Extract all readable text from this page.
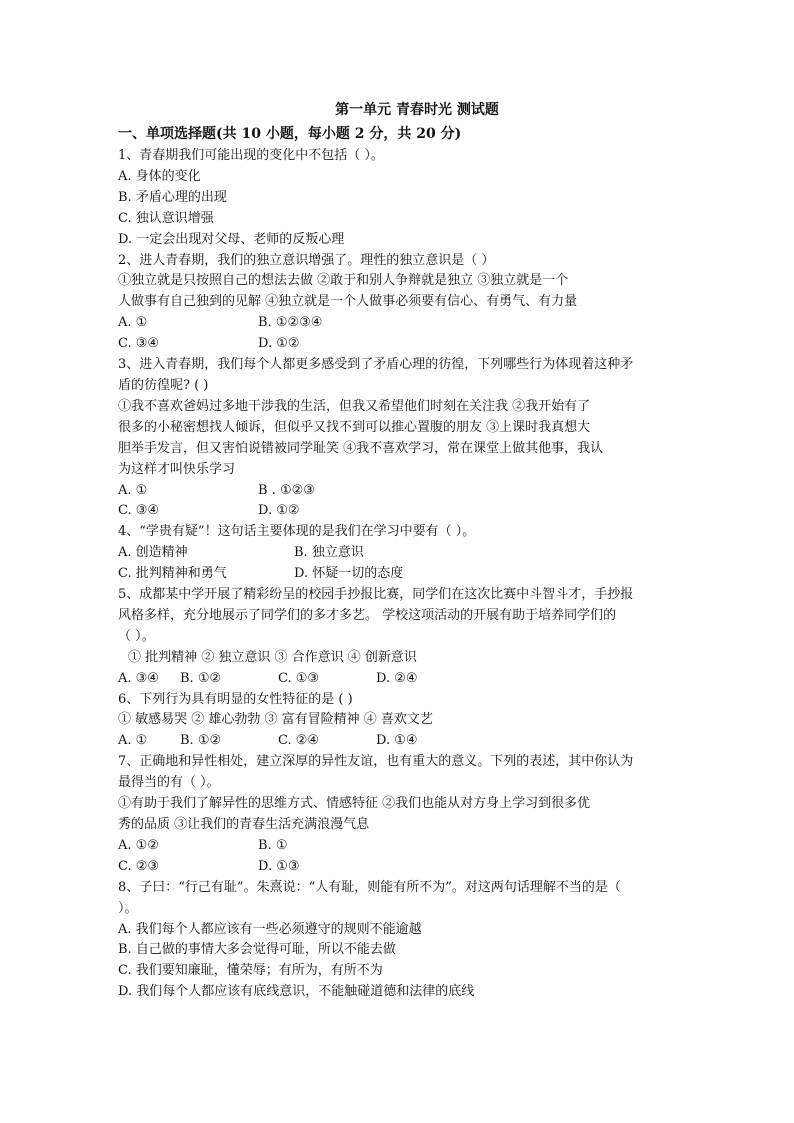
第一单元 青春时光 测试题
一、单项选择题(共 10 小题，每小题 2 分，共 20 分)
1、青春期我们可能出现的变化中不包括（ ）。
A. 身体的变化
B. 矛盾心理的出现
C. 独认意识增强
D. 一定会出现对父母、老师的反叛心理
2、进人青春期，我们的独立意识增强了。理性的独立意识是（ ）
①独立就是只按照自己的想法去做 ②敢于和别人争辩就是独立 ③独立就是一个
人做事有自己独到的见解 ④独立就是一个人做事必须要有信心、有勇气、有力量
A. ①	B. ①②③④
C. ③④	D. ①②
3、进入青春期，我们每个人都更多感受到了矛盾心理的彷徨，下列哪些行为体现着这种矛
盾的彷徨呢? ( )
①我不喜欢爸妈过多地干涉我的生活，但我又希望他们时刻在关注我 ②我开始有了
很多的小秘密想找人倾诉，但似乎又找不到可以推心置腹的朋友 ③上课时我真想大
胆举手发言，但又害怕说错被同学耻笑 ④我不喜欢学习，常在课堂上做其他事，我认
为这样才叫快乐学习
A. ①	B . ①②③
C. ③④	D. ①②
4、“学贵有疑”！这句话主要体现的是我们在学习中要有（ ）。
A. 创造精神	B. 独立意识
C. 批判精神和勇气	D. 怀疑一切的态度
5、成都某中学开展了精彩纷呈的校园手抄报比赛，同学们在这次比赛中斗智斗才，手抄报
风格多样，充分地展示了同学们的多才多艺。 学校这项活动的开展有助于培养同学们的
（ ）。
① 批判精神 ② 独立意识 ③ 合作意识 ④ 创新意识
A. ③④	B. ①②	C. ①③	D. ②④
6、下列行为具有明显的女性特征的是 ( )
① 敏感易哭 ② 雄心勃勃 ③ 富有冒险精神 ④ 喜欢文艺
A. ①	B. ①②	C. ②④	D. ①④
7、正确地和异性相处，建立深厚的异性友谊，也有重大的意义。下列的表述，其中你认为
最得当的有（ ）。
①有助于我们了解异性的思维方式、情感特征 ②我们也能从对方身上学习到很多优
秀的品质 ③让我们的青春生活充满浪漫气息
A. ①②	B. ①
C. ②③	D. ①③
8、子曰：“行己有耻”。朱熹说：“人有耻，则能有所不为”。对这两句话理解不当的是（
）。
A. 我们每个人都应该有一些必须遵守的规则不能逾越
B. 自己做的事情大多会觉得可耻，所以不能去做
C. 我们要知廉耻，懂荣辱；有所为，有所不为
D. 我们每个人都应该有底线意识，不能触碰道德和法律的底线
